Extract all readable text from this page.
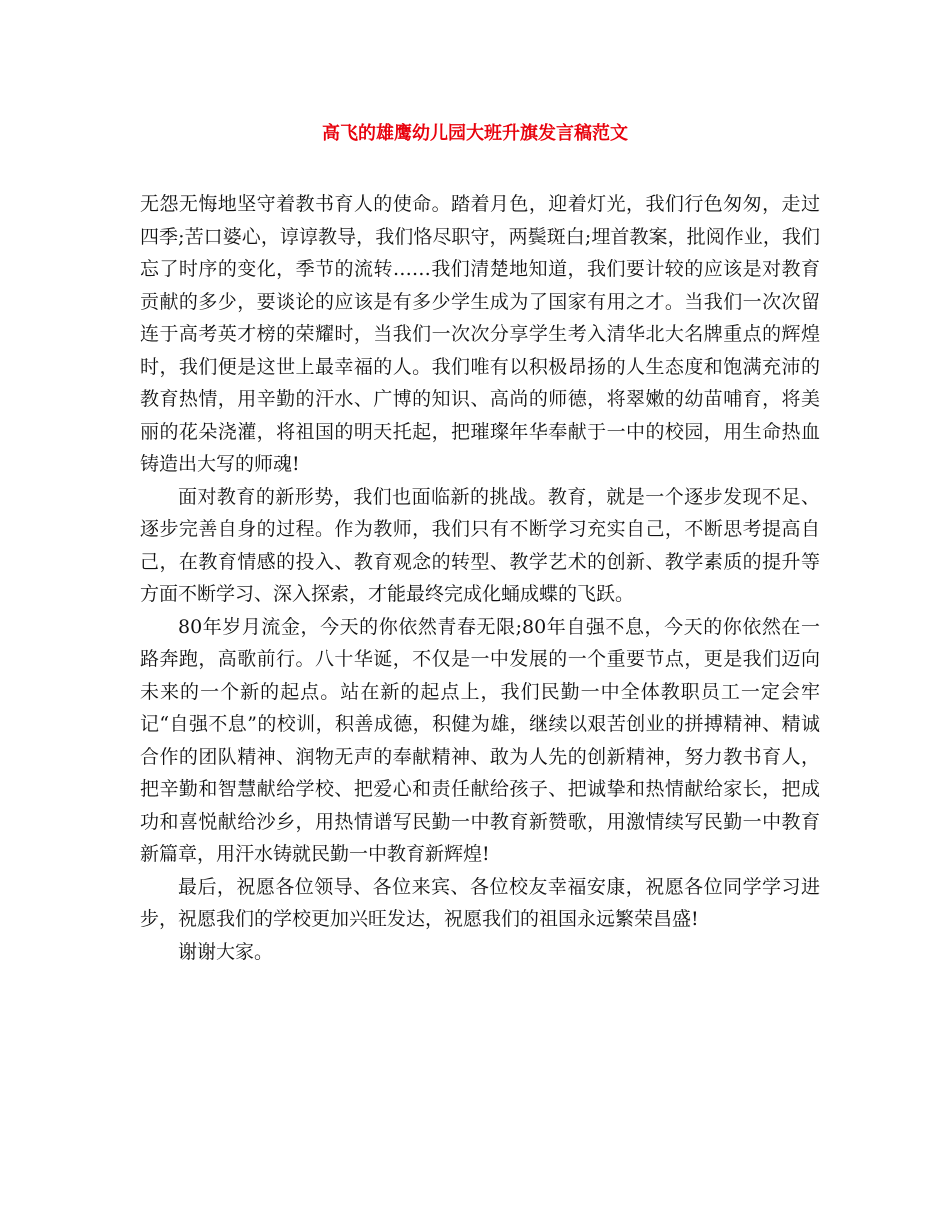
高飞的雄鹰幼儿园大班升旗发言稿范文

无怨无悔地坚守着教书育人的使命。踏着月色，迎着灯光，我们行色匆匆，走过四季;苦口婆心，谆谆教导，我们恪尽职守，两鬓斑白;埋首教案，批阅作业，我们忘了时序的变化，季节的流转……我们清楚地知道，我们要计较的应该是对教育贡献的多少，要谈论的应该是有多少学生成为了国家有用之才。当我们一次次留连于高考英才榜的荣耀时，当我们一次次分享学生考入清华北大名牌重点的辉煌时，我们便是这世上最幸福的人。我们唯有以积极昂扬的人生态度和饱满充沛的教育热情，用辛勤的汗水、广博的知识、高尚的师德，将翠嫩的幼苗哺育，将美丽的花朵浇灌，将祖国的明天托起，把璀璨年华奉献于一中的校园，用生命热血铸造出大写的师魂!

面对教育的新形势，我们也面临新的挑战。教育，就是一个逐步发现不足、逐步完善自身的过程。作为教师，我们只有不断学习充实自己，不断思考提高自己，在教育情感的投入、教育观念的转型、教学艺术的创新、教学素质的提升等方面不断学习、深入探索，才能最终完成化蛹成蝶的飞跃。

80年岁月流金，今天的你依然青春无限;80年自强不息，今天的你依然在一路奔跑，高歌前行。八十华诞，不仅是一中发展的一个重要节点，更是我们迈向未来的一个新的起点。站在新的起点上，我们民勤一中全体教职员工一定会牢记“自强不息”的校训，积善成德，积健为雄，继续以艰苦创业的拼搏精神、精诚合作的团队精神、润物无声的奉献精神、敢为人先的创新精神，努力教书育人，把辛勤和智慧献给学校、把爱心和责任献给孩子、把诚挚和热情献给家长，把成功和喜悦献给沙乡，用热情谱写民勤一中教育新赞歌，用激情续写民勤一中教育新篇章，用汗水铸就民勤一中教育新辉煌!

最后，祝愿各位领导、各位来宾、各位校友幸福安康，祝愿各位同学学习进步，祝愿我们的学校更加兴旺发达，祝愿我们的祖国永远繁荣昌盛!

谢谢大家。
